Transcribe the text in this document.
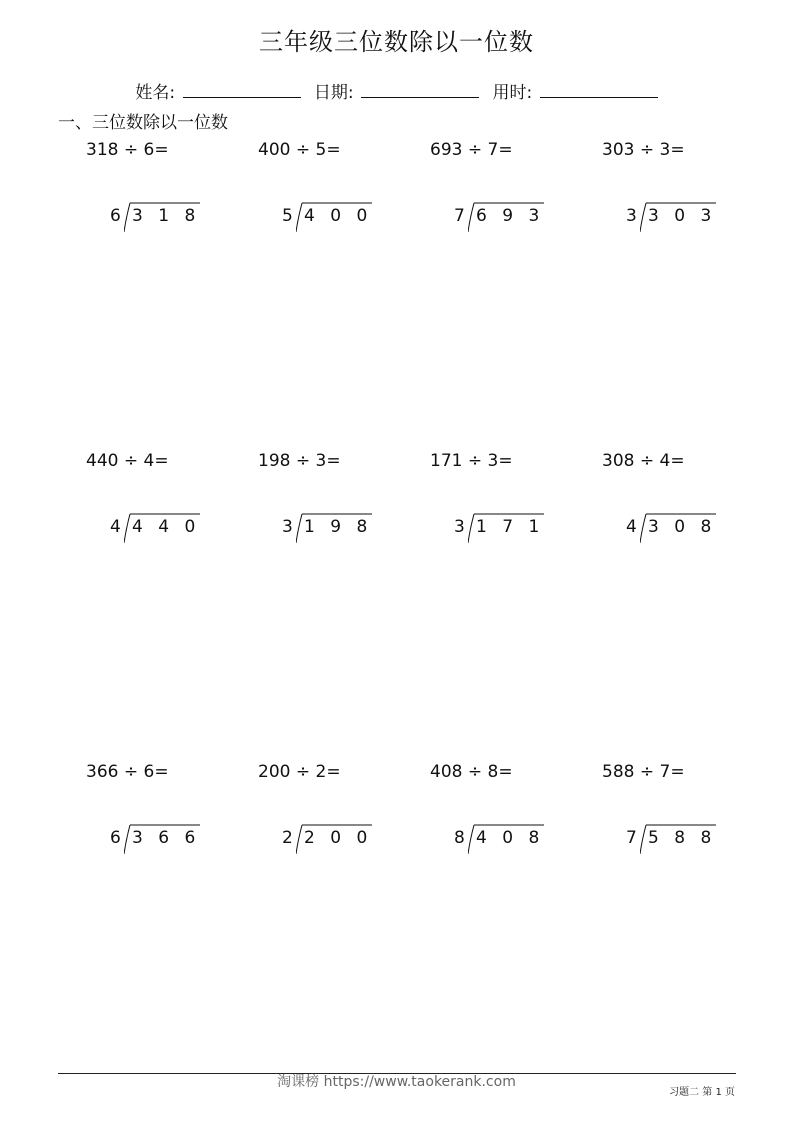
三年级三位数除以一位数
姓名:	日期:	用时:
一、三位数除以一位数
318 ÷ 6=
6 3 1 8
400 ÷ 5=
5 4 0 0
693 ÷ 7=
7 6 9 3
303 ÷ 3=
3 3 0 3
440 ÷ 4=
4 4 4 0
198 ÷ 3=
3 1 9 8
171 ÷ 3=
3 1 7 1
308 ÷ 4=
4 3 0 8
366 ÷ 6=
6 3 6 6
200 ÷ 2=
2 2 0 0
408 ÷ 8=
8 4 0 8
588 ÷ 7=
7 5 8 8
淘课榜 https://www.taokerank.com
习题二 第 1 页
